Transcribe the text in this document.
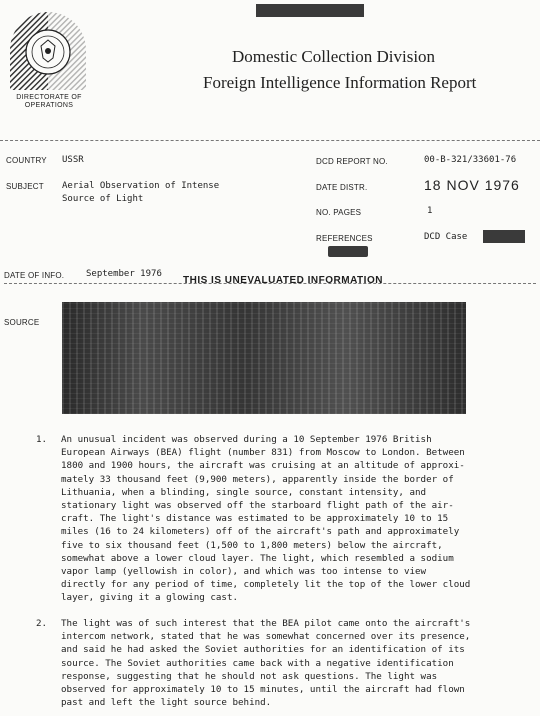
DIRECTORATE OF
OPERATIONS
Domestic Collection Division
Foreign Intelligence Information Report
COUNTRY USSR
SUBJECT Aerial Observation of Intense
Source of Light
DCD REPORT NO.	00-B-321/33601-76
DATE DISTR.	18 NOV 1976
NO. PAGES	1
REFERENCES	DCD Case
DATE OF INFO. September 1976
THIS IS UNEVALUATED INFORMATION
SOURCE
1. An unusual incident was observed during a 10 September 1976 British
European Airways (BEA) flight (number 831) from Moscow to London. Between
1800 and 1900 hours, the aircraft was cruising at an altitude of approxi-
mately 33 thousand feet (9,900 meters), apparently inside the border of
Lithuania, when a blinding, single source, constant intensity, and
stationary light was observed off the starboard flight path of the air-
craft. The light's distance was estimated to be approximately 10 to 15
miles (16 to 24 kilometers) off of the aircraft's path and approximately
five to six thousand feet (1,500 to 1,800 meters) below the aircraft,
somewhat above a lower cloud layer. The light, which resembled a sodium
vapor lamp (yellowish in color), and which was too intense to view
directly for any period of time, completely lit the top of the lower cloud
layer, giving it a glowing cast.
2. The light was of such interest that the BEA pilot came onto the aircraft's
intercom network, stated that he was somewhat concerned over its presence,
and said he had asked the Soviet authorities for an identification of its
source. The Soviet authorities came back with a negative identification
response, suggesting that he should not ask questions. The light was
observed for approximately 10 to 15 minutes, until the aircraft had flown
past and left the light source behind.
